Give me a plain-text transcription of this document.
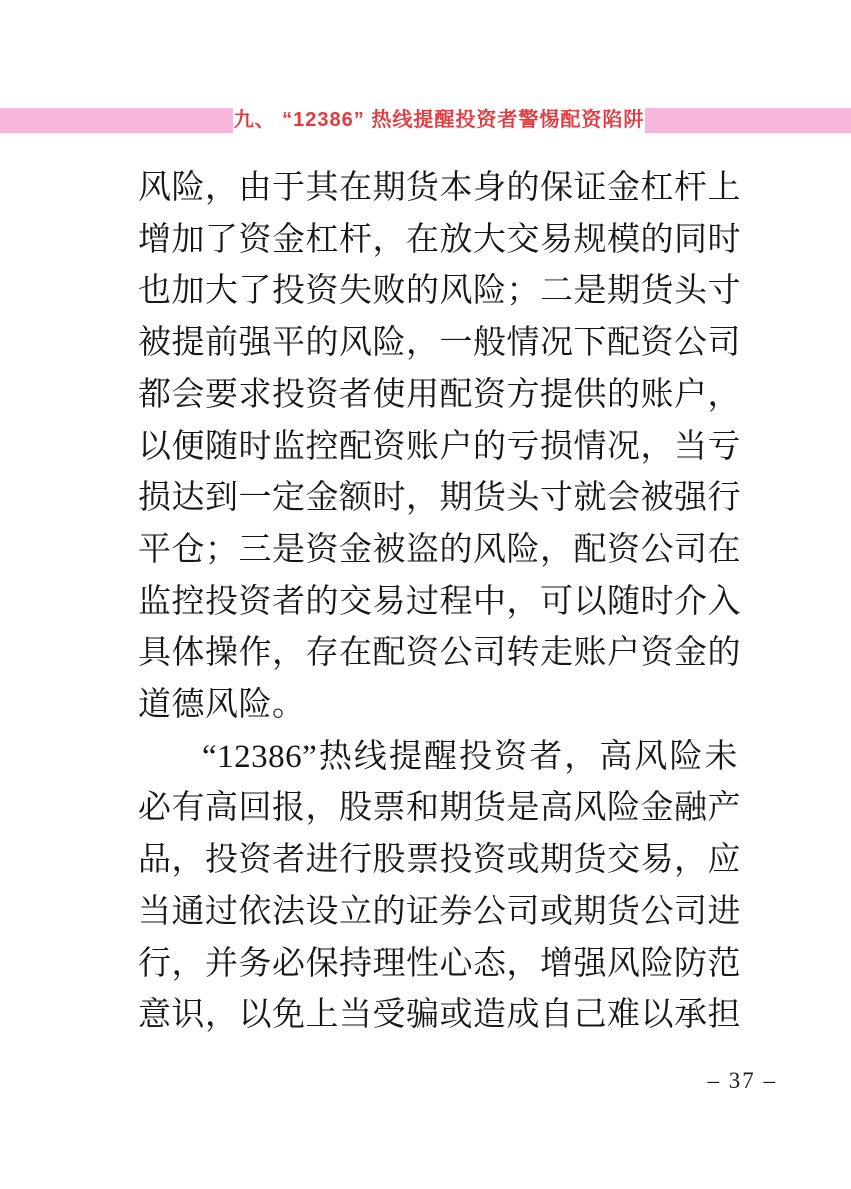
九、 “12386” 热线提醒投资者警惕配资陷阱

风险，由于其在期货本身的保证金杠杆上

增加了资金杠杆，在放大交易规模的同时

也加大了投资失败的风险；二是期货头寸

被提前强平的风险，一般情况下配资公司

都会要求投资者使用配资方提供的账户，

以便随时监控配资账户的亏损情况，当亏

损达到一定金额时，期货头寸就会被强行

平仓；三是资金被盗的风险，配资公司在

监控投资者的交易过程中，可以随时介入

具体操作，存在配资公司转走账户资金的

道德风险。

“12386”热线提醒投资者，高风险未

必有高回报，股票和期货是高风险金融产

品，投资者进行股票投资或期货交易，应

当通过依法设立的证券公司或期货公司进

行，并务必保持理性心态，增强风险防范

意识，以免上当受骗或造成自己难以承担

– 37 –
